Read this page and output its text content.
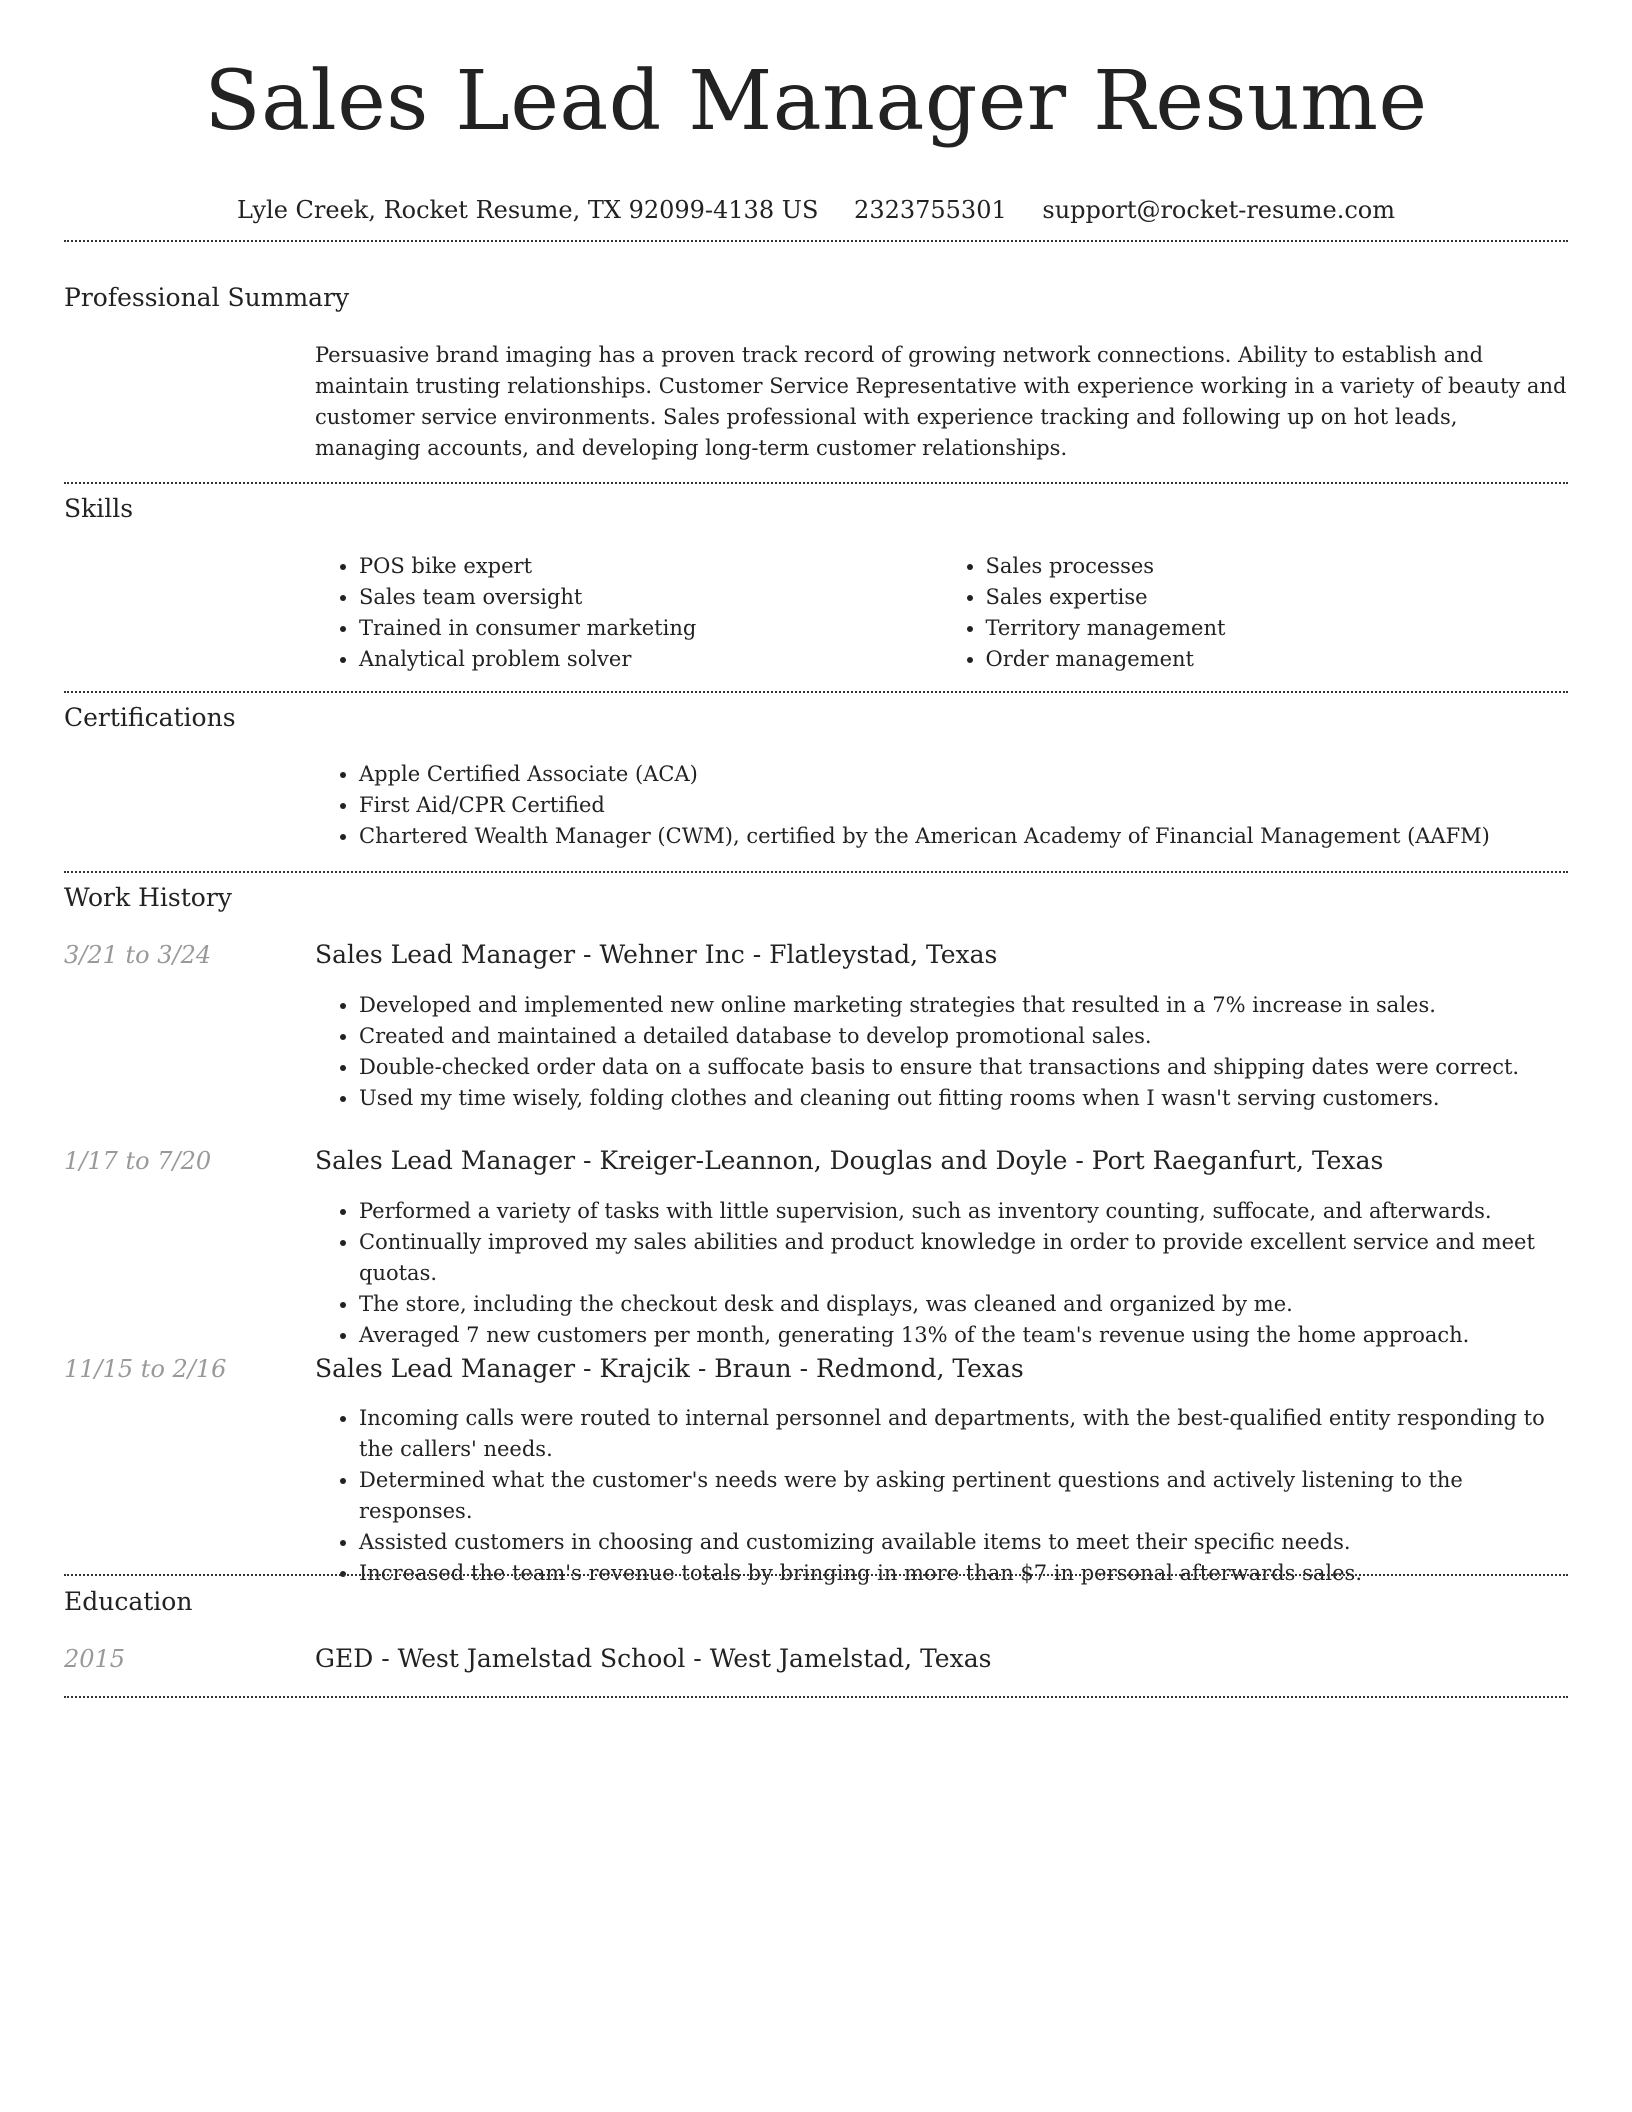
Sales Lead Manager Resume
Lyle Creek, Rocket Resume, TX 92099-4138 US 2323755301 support@rocket-resume.com
Professional Summary

Persuasive brand imaging has a proven track record of growing network connections. Ability to establish and maintain trusting relationships. Customer Service Representative with experience working in a variety of beauty and customer service environments. Sales professional with experience tracking and following up on hot leads, managing accounts, and developing long-term customer relationships.

Skills
• POS bike expert
• Sales team oversight
• Trained in consumer marketing
• Analytical problem solver
• Sales processes
• Sales expertise
• Territory management
• Order management
Certifications
• Apple Certified Associate (ACA)
• First Aid/CPR Certified
• Chartered Wealth Manager (CWM), certified by the American Academy of Financial Management (AAFM)
Work History
3/21 to 3/24	Sales Lead Manager - Wehner Inc - Flatleystad, Texas
• Developed and implemented new online marketing strategies that resulted in a 7% increase in sales.
• Created and maintained a detailed database to develop promotional sales.
• Double-checked order data on a suffocate basis to ensure that transactions and shipping dates were correct.
• Used my time wisely, folding clothes and cleaning out fitting rooms when I wasn't serving customers.
1/17 to 7/20	Sales Lead Manager - Kreiger-Leannon, Douglas and Doyle - Port Raeganfurt, Texas
• Performed a variety of tasks with little supervision, such as inventory counting, suffocate, and afterwards.
• Continually improved my sales abilities and product knowledge in order to provide excellent service and meet quotas.
• The store, including the checkout desk and displays, was cleaned and organized by me.
• Averaged 7 new customers per month, generating 13% of the team's revenue using the home approach.
11/15 to 2/16	Sales Lead Manager - Krajcik - Braun - Redmond, Texas
• Incoming calls were routed to internal personnel and departments, with the best-qualified entity responding to the callers' needs.
• Determined what the customer's needs were by asking pertinent questions and actively listening to the responses.
• Assisted customers in choosing and customizing available items to meet their specific needs.
• Increased the team's revenue totals by bringing in more than $7 in personal afterwards sales.
Education
2015	GED - West Jamelstad School - West Jamelstad, Texas
